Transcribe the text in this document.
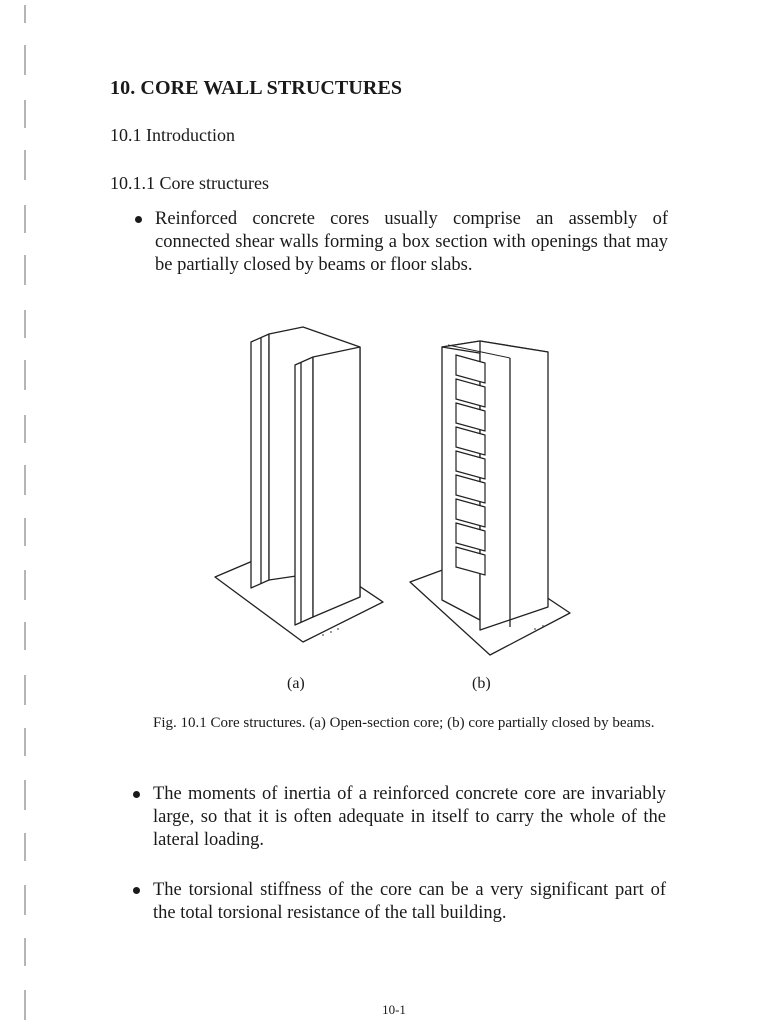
10. CORE WALL STRUCTURES
10.1 Introduction
10.1.1 Core structures
Reinforced concrete cores usually comprise an assembly of connected shear walls forming a box section with openings that may be partially closed by beams or floor slabs.
(a)	(b)
Fig. 10.1 Core structures. (a) Open-section core; (b) core partially closed by beams.
The moments of inertia of a reinforced concrete core are invariably large, so that it is often adequate in itself to carry the whole of the lateral loading.
The torsional stiffness of the core can be a very significant part of the total torsional resistance of the tall building.
10-1
